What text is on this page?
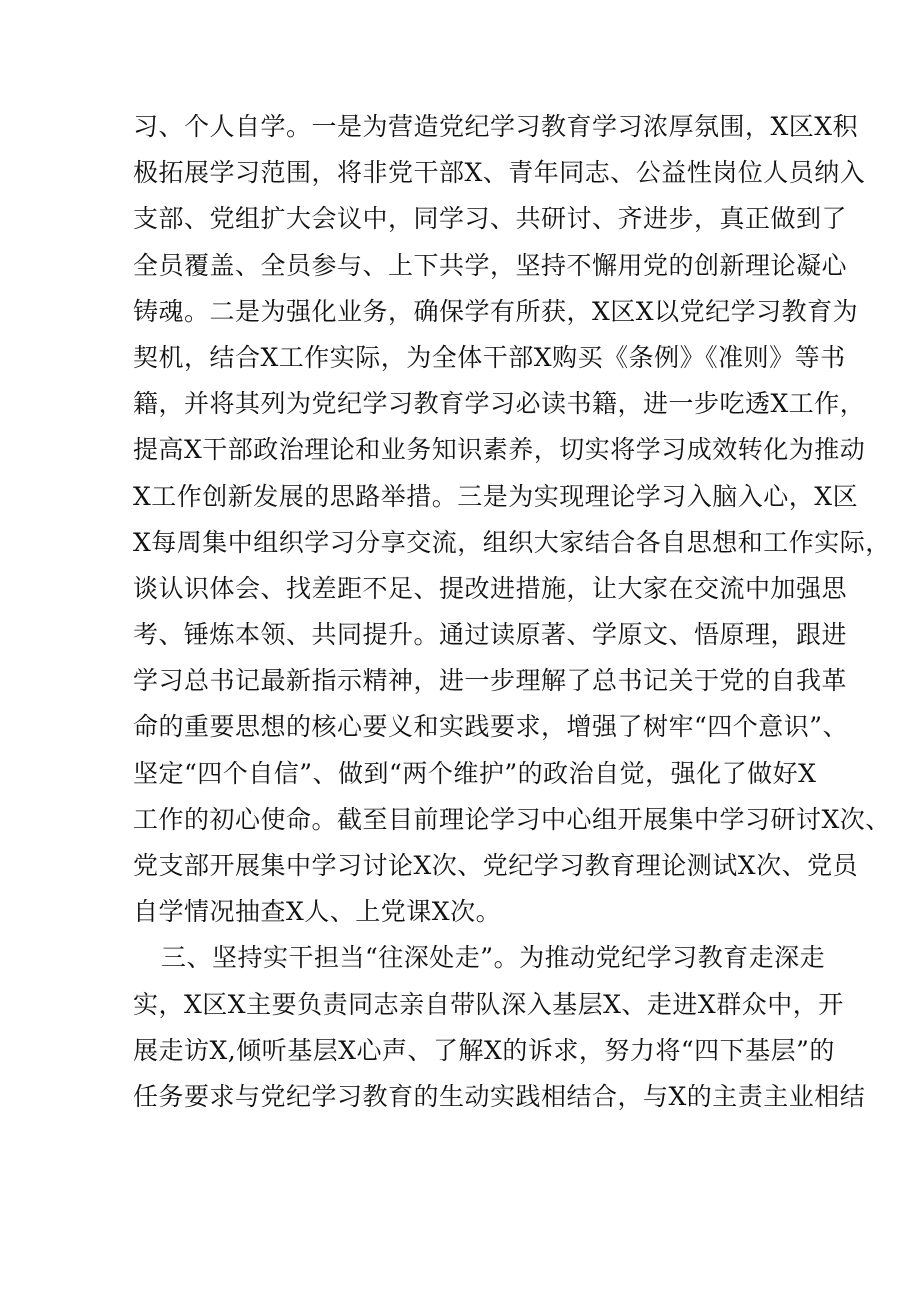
习、个人自学。一是为营造党纪学习教育学习浓厚氛围，X区X积
极拓展学习范围，将非党干部X、青年同志、公益性岗位人员纳入
支部、党组扩大会议中，同学习、共研讨、齐进步，真正做到了
全员覆盖、全员参与、上下共学，坚持不懈用党的创新理论凝心
铸魂。二是为强化业务，确保学有所获，X区X以党纪学习教育为
契机，结合X工作实际，为全体干部X购买《条例》《准则》等书
籍，并将其列为党纪学习教育学习必读书籍，进一步吃透X工作，
提高X干部政治理论和业务知识素养，切实将学习成效转化为推动
X工作创新发展的思路举措。三是为实现理论学习入脑入心，X区
X每周集中组织学习分享交流，组织大家结合各自思想和工作实际，
谈认识体会、找差距不足、提改进措施，让大家在交流中加强思
考、锤炼本领、共同提升。通过读原著、学原文、悟原理，跟进
学习总书记最新指示精神，进一步理解了总书记关于党的自我革
命的重要思想的核心要义和实践要求，增强了树牢“四个意识”、
坚定“四个自信”、做到“两个维护”的政治自觉，强化了做好X
工作的初心使命。截至目前理论学习中心组开展集中学习研讨X次、
党支部开展集中学习讨论X次、党纪学习教育理论测试X次、党员
自学情况抽查X人、上党课X次。
三、坚持实干担当“往深处走”。为推动党纪学习教育走深走
实，X区X主要负责同志亲自带队深入基层X、走进X群众中，开
展走访X,倾听基层X心声、了解X的诉求，努力将“四下基层”的
任务要求与党纪学习教育的生动实践相结合，与X的主责主业相结
